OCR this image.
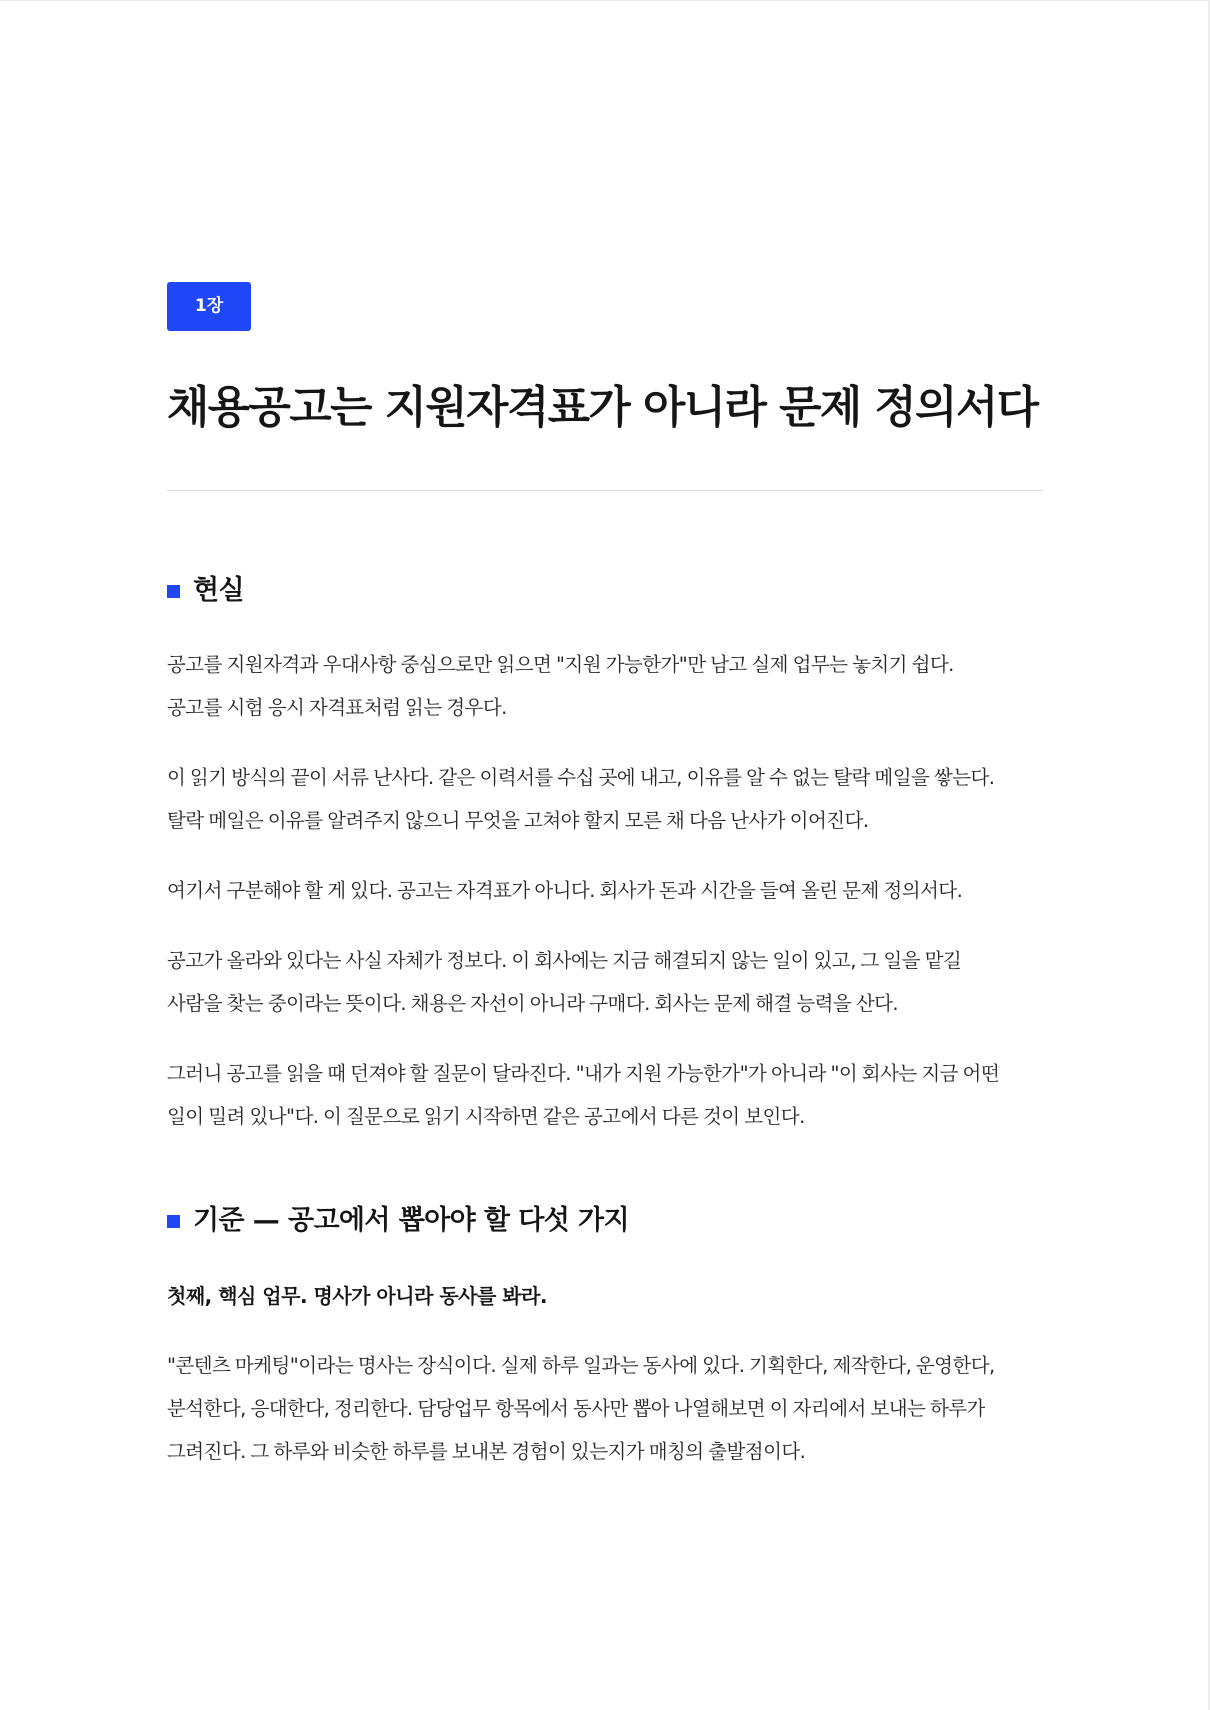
1장
채용공고는 지원자격표가 아니라 문제 정의서다
현실

공고를 지원자격과 우대사항 중심으로만 읽으면 "지원 가능한가"만 남고 실제 업무는 놓치기 쉽다.
공고를 시험 응시 자격표처럼 읽는 경우다.

이 읽기 방식의 끝이 서류 난사다. 같은 이력서를 수십 곳에 내고, 이유를 알 수 없는 탈락 메일을 쌓는다.
탈락 메일은 이유를 알려주지 않으니 무엇을 고쳐야 할지 모른 채 다음 난사가 이어진다.

여기서 구분해야 할 게 있다. 공고는 자격표가 아니다. 회사가 돈과 시간을 들여 올린 문제 정의서다.

공고가 올라와 있다는 사실 자체가 정보다. 이 회사에는 지금 해결되지 않는 일이 있고, 그 일을 맡길
사람을 찾는 중이라는 뜻이다. 채용은 자선이 아니라 구매다. 회사는 문제 해결 능력을 산다.

그러니 공고를 읽을 때 던져야 할 질문이 달라진다. "내가 지원 가능한가"가 아니라 "이 회사는 지금 어떤
일이 밀려 있나"다. 이 질문으로 읽기 시작하면 같은 공고에서 다른 것이 보인다.

기준 — 공고에서 뽑아야 할 다섯 가지
첫째, 핵심 업무. 명사가 아니라 동사를 봐라.

"콘텐츠 마케팅"이라는 명사는 장식이다. 실제 하루 일과는 동사에 있다. 기획한다, 제작한다, 운영한다,
분석한다, 응대한다, 정리한다. 담당업무 항목에서 동사만 뽑아 나열해보면 이 자리에서 보내는 하루가
그려진다. 그 하루와 비슷한 하루를 보내본 경험이 있는지가 매칭의 출발점이다.
